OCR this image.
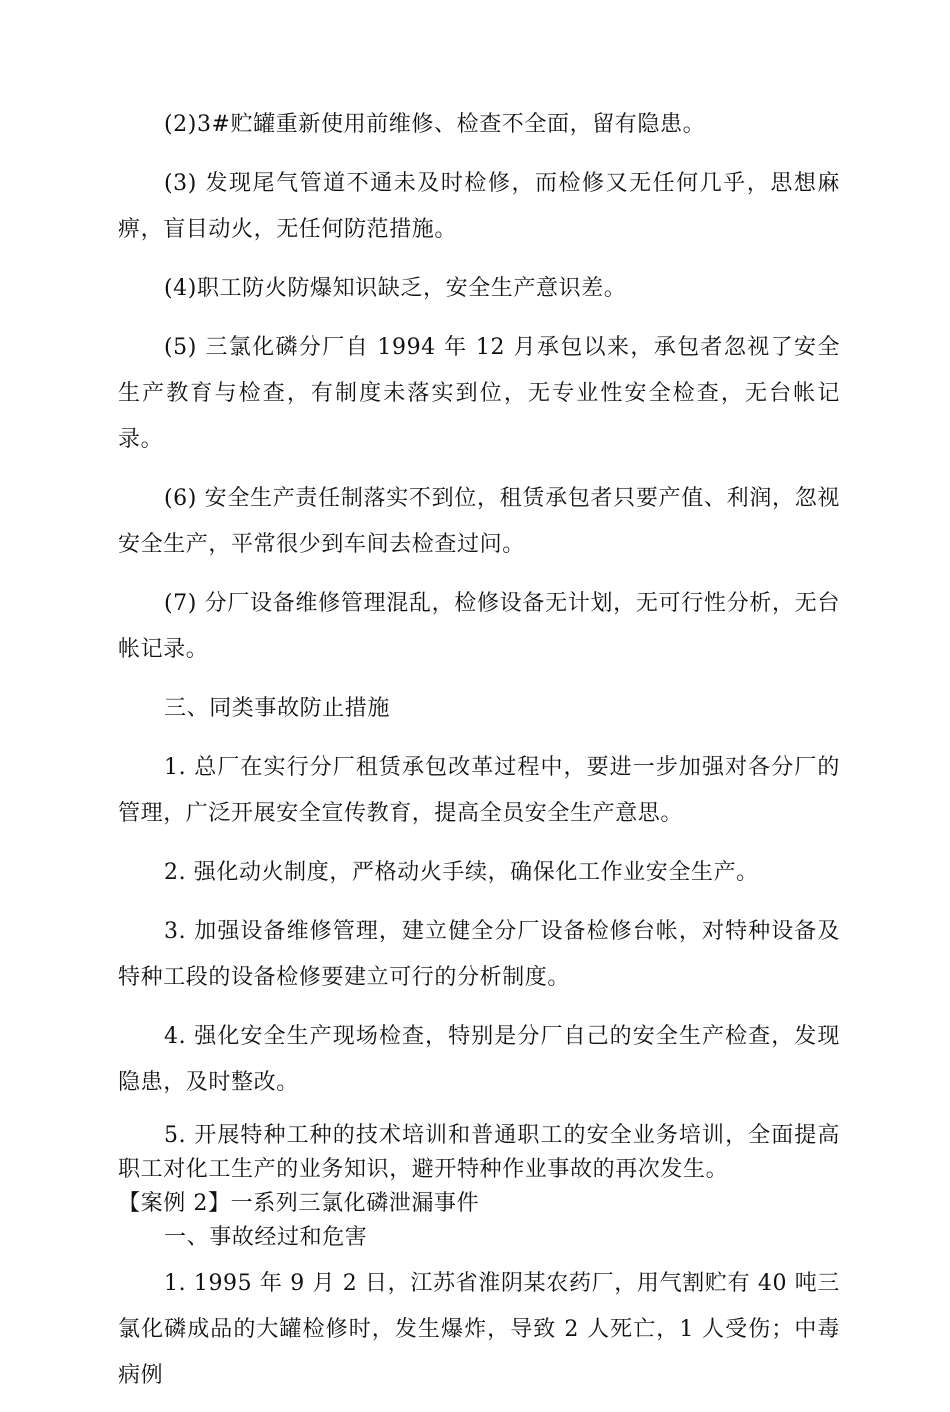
(2)3#贮罐重新使用前维修、检查不全面，留有隐患。

(3) 发现尾气管道不通未及时检修，而检修又无任何几乎，思想麻痹，盲目动火，无任何防范措施。

(4)职工防火防爆知识缺乏，安全生产意识差。

(5) 三氯化磷分厂自 1994 年 12 月承包以来，承包者忽视了安全生产教育与检查，有制度未落实到位，无专业性安全检查，无台帐记录。

(6) 安全生产责任制落实不到位，租赁承包者只要产值、利润，忽视安全生产，平常很少到车间去检查过问。

(7) 分厂设备维修管理混乱，检修设备无计划，无可行性分析，无台帐记录。

三、同类事故防止措施

1. 总厂在实行分厂租赁承包改革过程中，要进一步加强对各分厂的管理，广泛开展安全宣传教育，提高全员安全生产意思。

2. 强化动火制度，严格动火手续，确保化工作业安全生产。

3. 加强设备维修管理，建立健全分厂设备检修台帐，对特种设备及特种工段的设备检修要建立可行的分析制度。

4. 强化安全生产现场检查，特别是分厂自己的安全生产检查，发现隐患，及时整改。

5. 开展特种工种的技术培训和普通职工的安全业务培训，全面提高职工对化工生产的业务知识，避开特种作业事故的再次发生。

【案例 2】一系列三氯化磷泄漏事件

一、事故经过和危害

1. 1995 年 9 月 2 日，江苏省淮阴某农药厂，用气割贮有 40 吨三氯化磷成品的大罐检修时，发生爆炸，导致 2 人死亡，1 人受伤；中毒病例
